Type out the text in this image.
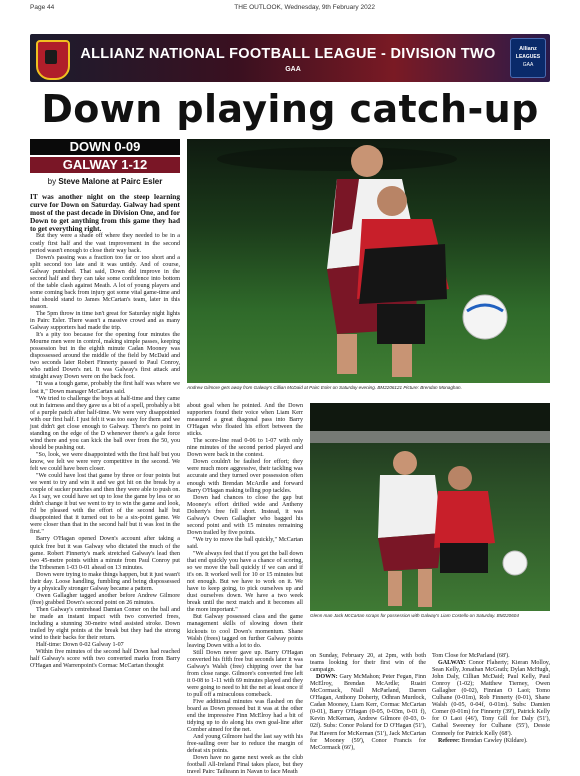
Page 44	THE OUTLOOK, Wednesday, 9th February 2022
ALLIANZ NATIONAL FOOTBALL LEAGUE - DIVISION TWO
GAA
Allianz
LEAGUES
GAA
Down playing catch-up
DOWN 0-09
GALWAY 1-12
by Steve Malone at Pairc Esler

IT was another night on the steep learning curve for Down on Saturday. Galway had spent most of the past decade in Division One, and for Down to get anything from this game they had to get everything right.

But they were a shade off where they needed to be in a costly first half and the vast improvement in the second period wasn't enough to close their way back.

Down's passing was a fraction too far or too short and a split second too late and it was untidy. And of course, Galway punished. That said, Down did improve in the second half and they can take some confidence into bottom of the table clash against Meath. A lot of young players and some coming back from injury got some vital game-time and that should stand to James McCartan's team, later in this season.

The 5pm throw in time isn't great for Saturday night lights in Pairc Esler. There wasn't a massive crowd and as many Galway supporters had made the trip.

It's a pity too because for the opening four minutes the Mourne men were in control, making simple passes, keeping possession but in the eighth minute Cadan Mooney was dispossessed around the middle of the field by McDaid and two seconds later Robert Finnerty passed to Paul Conroy, who rattled Down's net. It was Galway's first attack and straight away Down were on the back foot.

"It was a tough game, probably the first half was where we lost it," Down manager McCartan said.

"We tried to challenge the boys at half-time and they came out in fairness and they gave us a bit of a spell, probably a bit of a purple patch after half-time. We were very disappointed with our first half. I just felt it was too easy for them and we just didn't get close enough to Galway. There's no point in standing on the edge of the D whenever there's a gale force wind there and you can kick the ball over from the 50, you should be pushing out.

"So, look, we were disappointed with the first half but you know, we felt we were very competitive in the second. We felt we could have been closer.

"We could have lost that game by three or four points but we went to try and win it and we got hit on the break by a couple of sucker punches and then they were able to push on. As I say, we could have set up to lose the game by less or so didn't change it but we went to try to win the game and look, I'd be pleased with the effort of the second half but disappointed that it turned out to be a six-point game. We were closer than that in the second half but it was lost in the first."

Barry O'Hagan opened Down's account after taking a quick free but it was Galway who dictated the much of the game. Robert Finnerty's mark stretched Galway's lead then two 45-metre points within a minute from Paul Conroy put the Tribesmen 1-03 0-01 ahead on 13 minutes.

Down were trying to make things happen, but it just wasn't their day. Loose handling, fumbling and being dispossessed by a physically stronger Galway became a pattern.

Owen Gallagher tagged another before Andrew Gilmore (free) grabbed Down's second point on 26 minutes.

Then Galway's centrehead Damian Comer on the ball and he made an instant impact with two converted frees, including a stunning 30-metre wind assisted stroke. Down trailed by eight points at the break but they had the strong wind to their backs for their return.

Half-time: Down 0-02 Galway 1-07

Within five minutes of the second half Down had reached half Galway's score with two converted marks from Barry O'Hagan and Warrenpoint's Cormac McCartan thought

Andrew Gilmore gets away from Galway's Cillian McDaid at Pairc Esler on Saturday evening. BM2206121 Picture: Brendan Monaghan.

about goal when he pointed. And the Down supporters found their voice when Liam Kerr measured a great diagonal pass into Barry O'Hagan who floated his effort between the sticks.

The score-line read 0-06 to 1-07 with only nine minutes of the second period played and Down were back in the contest.

Down couldn't be faulted for effort; they were much more aggressive, their tackling was accurate and they turned over possession often enough with Brendan McArdle and forward Barry O'Hagan making telling pop tackles.

Down had chances to close the gap but Mooney's effort drifted wide and Antheny Doherty's free fell short. Instead, it was Galway's Owen Gallagher who bagged his second point and with 15 minutes remaining Down trailed by five points.

"We try to move the ball quickly," McCartan said.

"We always feel that if you get the ball down that end quickly you have a chance of scoring, so we move the ball quickly if we can and if it's on. It worked well for 10 or 15 minutes but not enough. But we have to work on it. We have to keep going, to pick ourselves up and dust ourselves down. We have a two week break until the next match and it becomes all the more important."

But Galway possessed class and the game management skills of slowing down their kickouts to cool Down's momentum. Shane Walsh (frees) tagged on further Galway points leaving Down with a lot to do.

Still Down never gave up. Barry O'Hagan converted his fifth free but seconds later it was Galway's Walsh (free) chipping over the bar from close range. Gilmore's converted free left it 0-08 to 1-11 with 69 minutes played and they were going to need to hit the net at least once if to pull off a miraculous comeback.

Five additional minutes was flashed on the board as Down pressed but it was at the other end the impressive Finn McElroy had a bit of tidying up to do along his own goal-line after Comber aimed for the net.

And young Gilmore had the last say with his free-sailing over bar to reduce the margin of defeat six points.

Down have no game next week as the club football All-Ireland Final takes place, but they travel Pairc Tailteann in Navan to face Meath

Glenn man Jack McCartan scraps for possession with Galway's Liam Costello on Saturday. BM220604

on Sunday, February 20, at 2pm, with both teams looking for their first win of the campaign.

DOWN: Gary McMahon; Peter Fegan, Finn McElroy, Brendan McArdle; Ruairi McCormack, Niall McParland, Darren O'Hagan, Anthony Doherty, Odhran Murdock, Cadan Mooney, Liam Kerr, Cormac McCartan (0-01), Barry O'Hagan (0-05, 0-03m, 0-01 f), Kevin McKernan, Andrew Gilmore (0-03, 0-02f). Subs: Conor Poland for D O'Hagan (51'), Pat Havern for McKernan (51'), Jack McCartan for Mooney (59'), Conor Francis for McCormack (66'),

Tom Close for McParland (68').

GALWAY: Conor Flaherty; Kieran Molloy, Sean Kelly, Jonathan McGrath; Dylan McHugh, John Daly, Cillian McDaid; Paul Kelly, Paul Conroy (1-02); Matthew Tierney, Owen Gallagher (0-02), Finnian O Laoi; Tomo Culhane (0-01m), Rob Finnerty (0-01), Shane Walsh (0-05, 0-04f, 0-01m). Subs: Damien Comer (0-01m) for Finnerty (39'), Patrick Kelly for O Laoi (46'), Tony Gill for Daly (51'), Cathal Sweeney for Culhane (55'), Dessie Conneely for Patrick Kelly (68').

Referee: Brendan Cawley (Kildare).
